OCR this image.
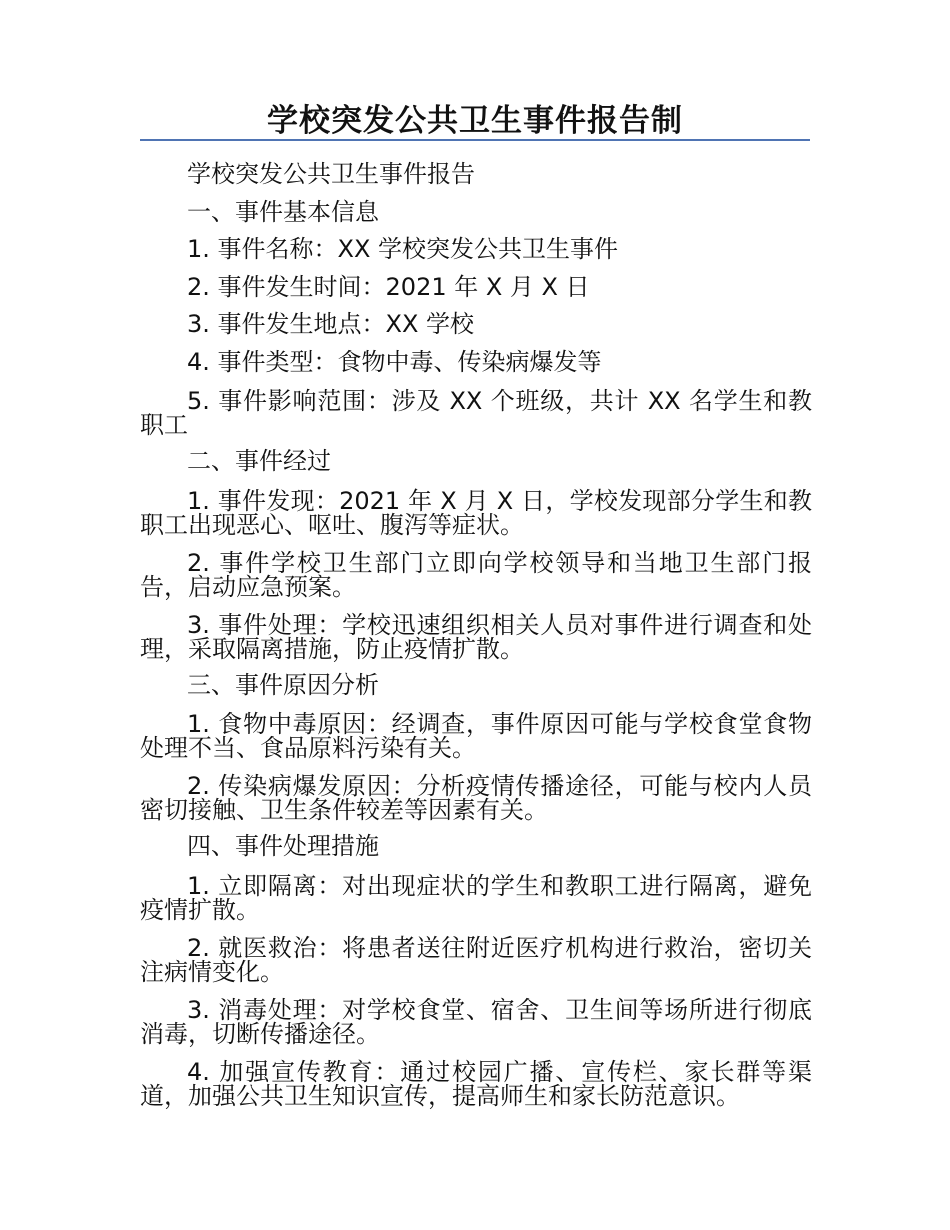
学校突发公共卫生事件报告制

学校突发公共卫生事件报告

一、事件基本信息

1. 事件名称：XX 学校突发公共卫生事件

2. 事件发生时间：2021 年 X 月 X 日

3. 事件发生地点：XX 学校

4. 事件类型：食物中毒、传染病爆发等

5. 事件影响范围：涉及 XX 个班级，共计 XX 名学生和教职工

二、事件经过

1. 事件发现：2021 年 X 月 X 日，学校发现部分学生和教职工出现恶心、呕吐、腹泻等症状。

2. 事件学校卫生部门立即向学校领导和当地卫生部门报告，启动应急预案。

3. 事件处理：学校迅速组织相关人员对事件进行调查和处理，采取隔离措施，防止疫情扩散。

三、事件原因分析

1. 食物中毒原因：经调查，事件原因可能与学校食堂食物处理不当、食品原料污染有关。

2. 传染病爆发原因：分析疫情传播途径，可能与校内人员密切接触、卫生条件较差等因素有关。

四、事件处理措施

1. 立即隔离：对出现症状的学生和教职工进行隔离，避免疫情扩散。

2. 就医救治：将患者送往附近医疗机构进行救治，密切关注病情变化。

3. 消毒处理：对学校食堂、宿舍、卫生间等场所进行彻底消毒，切断传播途径。

4. 加强宣传教育：通过校园广播、宣传栏、家长群等渠道，加强公共卫生知识宣传，提高师生和家长防范意识。
